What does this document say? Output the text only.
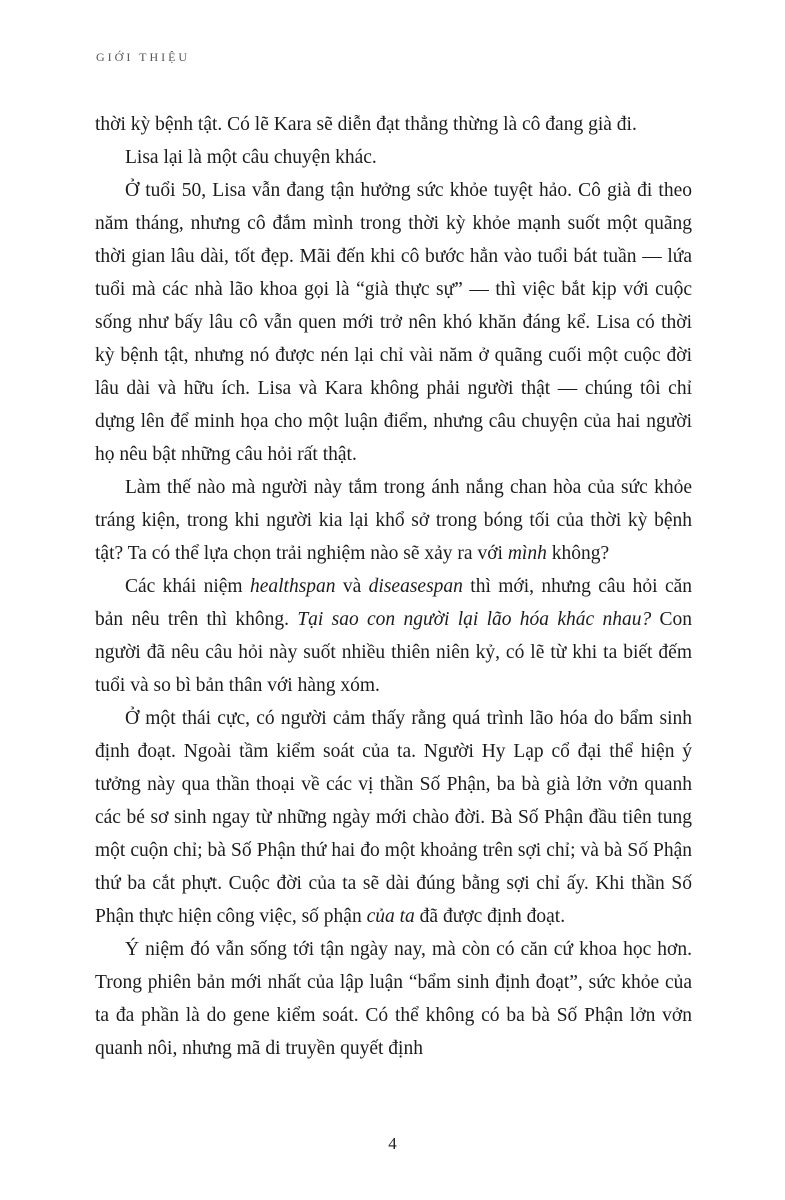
GIỚI THIỆU

thời kỳ bệnh tật. Có lẽ Kara sẽ diễn đạt thẳng thừng là cô đang già đi.

Lisa lại là một câu chuyện khác.

Ở tuổi 50, Lisa vẫn đang tận hưởng sức khỏe tuyệt hảo. Cô già đi theo năm tháng, nhưng cô đắm mình trong thời kỳ khỏe mạnh suốt một quãng thời gian lâu dài, tốt đẹp. Mãi đến khi cô bước hẳn vào tuổi bát tuần — lứa tuổi mà các nhà lão khoa gọi là “già thực sự” — thì việc bắt kịp với cuộc sống như bấy lâu cô vẫn quen mới trở nên khó khăn đáng kể. Lisa có thời kỳ bệnh tật, nhưng nó được nén lại chỉ vài năm ở quãng cuối một cuộc đời lâu dài và hữu ích. Lisa và Kara không phải người thật — chúng tôi chỉ dựng lên để minh họa cho một luận điểm, nhưng câu chuyện của hai người họ nêu bật những câu hỏi rất thật.

Làm thế nào mà người này tắm trong ánh nắng chan hòa của sức khỏe tráng kiện, trong khi người kia lại khổ sở trong bóng tối của thời kỳ bệnh tật? Ta có thể lựa chọn trải nghiệm nào sẽ xảy ra với mình không?

Các khái niệm healthspan và diseasespan thì mới, nhưng câu hỏi căn bản nêu trên thì không. Tại sao con người lại lão hóa khác nhau? Con người đã nêu câu hỏi này suốt nhiều thiên niên kỷ, có lẽ từ khi ta biết đếm tuổi và so bì bản thân với hàng xóm.

Ở một thái cực, có người cảm thấy rằng quá trình lão hóa do bẩm sinh định đoạt. Ngoài tầm kiểm soát của ta. Người Hy Lạp cổ đại thể hiện ý tưởng này qua thần thoại về các vị thần Số Phận, ba bà già lởn vởn quanh các bé sơ sinh ngay từ những ngày mới chào đời. Bà Số Phận đầu tiên tung một cuộn chỉ; bà Số Phận thứ hai đo một khoảng trên sợi chỉ; và bà Số Phận thứ ba cắt phựt. Cuộc đời của ta sẽ dài đúng bằng sợi chỉ ấy. Khi thần Số Phận thực hiện công việc, số phận của ta đã được định đoạt.

Ý niệm đó vẫn sống tới tận ngày nay, mà còn có căn cứ khoa học hơn. Trong phiên bản mới nhất của lập luận “bẩm sinh định đoạt”, sức khỏe của ta đa phần là do gene kiểm soát. Có thể không có ba bà Số Phận lởn vởn quanh nôi, nhưng mã di truyền quyết định

4
